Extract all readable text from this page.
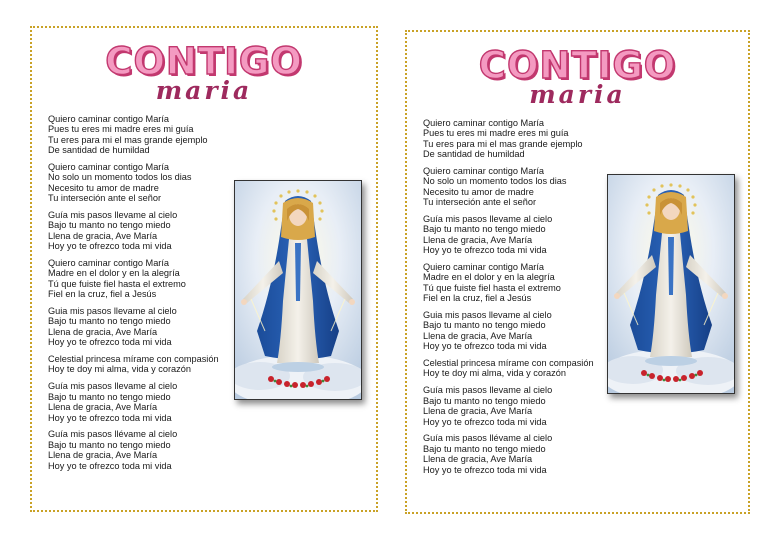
CONTIGO
maria
Quiero caminar contigo María
Pues tu eres mi madre eres mi guía
Tu eres para mi el mas grande ejemplo
De santidad de humildad
Quiero caminar contigo María
No solo un momento todos los dias
Necesito tu amor de madre
Tu interseción ante el señor
Guía mis pasos llevame al cielo
Bajo tu manto no tengo miedo
Llena de gracia, Ave María
Hoy yo te ofrezco toda mi vida
Quiero caminar contigo María
Madre en el dolor y en la alegría
Tú que fuiste fiel hasta el extremo
Fiel en la cruz, fiel a Jesús
Guia mis pasos llevame al cielo
Bajo tu manto no tengo miedo
Llena de gracia, Ave María
Hoy yo te ofrezco toda mi vida
Celestial princesa mírame con compasión
Hoy te doy mi alma, vida y corazón
Guía mis pasos llevame al cielo
Bajo tu manto no tengo miedo
Llena de gracia, Ave María
Hoy yo te ofrezco toda mi vida
Guía mis pasos llévame al cielo
Bajo tu manto no tengo miedo
Llena de gracia, Ave María
Hoy yo te ofrezco toda mi vida
CONTIGO
maria
Quiero caminar contigo María
Pues tu eres mi madre eres mi guía
Tu eres para mi el mas grande ejemplo
De santidad de humildad
Quiero caminar contigo María
No solo un momento todos los dias
Necesito tu amor de madre
Tu interseción ante el señor
Guía mis pasos llevame al cielo
Bajo tu manto no tengo miedo
Llena de gracia, Ave María
Hoy yo te ofrezco toda mi vida
Quiero caminar contigo María
Madre en el dolor y en la alegría
Tú que fuiste fiel hasta el extremo
Fiel en la cruz, fiel a Jesús
Guia mis pasos llevame al cielo
Bajo tu manto no tengo miedo
Llena de gracia, Ave María
Hoy yo te ofrezco toda mi vida
Celestial princesa mírame con compasión
Hoy te doy mi alma, vida y corazón
Guía mis pasos llevame al cielo
Bajo tu manto no tengo miedo
Llena de gracia, Ave María
Hoy yo te ofrezco toda mi vida
Guía mis pasos llévame al cielo
Bajo tu manto no tengo miedo
Llena de gracia, Ave María
Hoy yo te ofrezco toda mi vida
